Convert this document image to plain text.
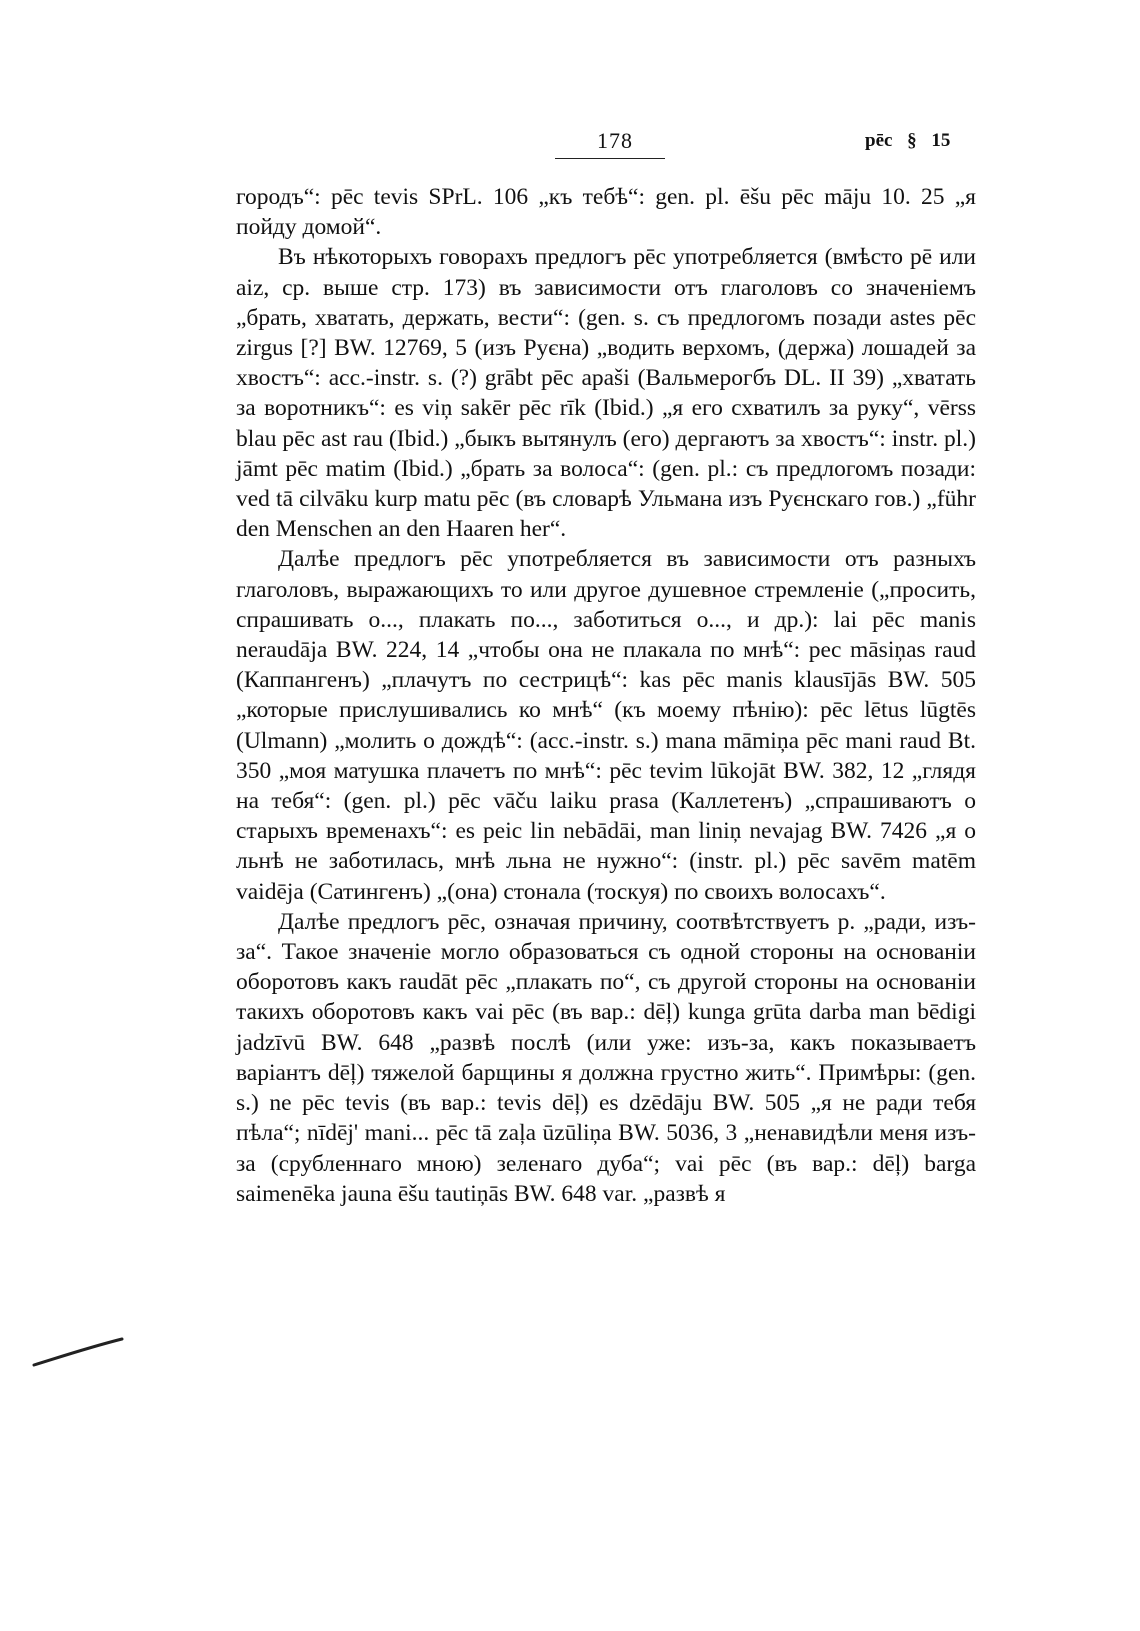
178	pēc § 15

городъ“: pēc tevis SPrL. 106 „къ тебѣ“: gen. pl. ēšu pēc māju 10. 25 „я пойду домой“.

Въ нѣкоторыхъ говорахъ предлогъ pēc употребляется (вмѣсто pē или aiz, ср. выше стр. 173) въ зависимости отъ глаголовъ со значеніемъ „брать, хватать, держать, вести“: (gen. s. съ предлогомъ позади astes pēc zirgus [?] BW. 12769, 5 (изъ Руєна) „водить верхомъ, (держа) лошадей за хвостъ“: acc.-instr. s. (?) grābt pēc apaši (Вальмерогбъ DL. II 39) „хватать за воротникъ“: es viņ sakēr pēc rīk (Ibid.) „я его схватилъ за руку“, vērss blau pēc ast rau (Ibid.) „быкъ вытянулъ (его) дергаютъ за хвостъ“: instr. pl.) jāmt pēc matim (Ibid.) „брать за волоса“: (gen. pl.: съ предлогомъ позади: ved tā cilvāku kurp matu pēc (въ словарѣ Ульмана изъ Руєнскаго гов.) „führ den Menschen an den Haaren her“.

Далѣе предлогъ pēc употребляется въ зависимости отъ разныхъ глаголовъ, выражающихъ то или другое душевное стремленіе („просить, спрашивать о..., плакать по..., заботиться о..., и др.): lai pēc manis neraudāja BW. 224, 14 „чтобы она не плакала по мнѣ“: pec māsiņas raud (Каппангенъ) „плачутъ по сестрицѣ“: kas pēc manis klausījās BW. 505 „которые прислушивались ко мнѣ“ (къ моему пѣнію): pēc lētus lūgtēs (Ulmann) „молить о дождѣ“: (acc.-instr. s.) mana māmiņa pēc mani raud Bt. 350 „моя матушка плачетъ по мнѣ“: pēc tevim lūkojāt BW. 382, 12 „глядя на тебя“: (gen. pl.) pēc vāču laiku prasa (Каллетенъ) „спрашиваютъ о старыхъ временахъ“: es peic lin nebādāi, man liniņ nevajag BW. 7426 „я о льнѣ не заботилась, мнѣ льна не нужно“: (instr. pl.) pēc savēm matēm vaidēja (Сатингенъ) „(она) стонала (тоскуя) по своихъ волосахъ“.

Далѣе предлогъ pēc, означая причину, соотвѣтствуетъ р. „ради, изъ-за“. Такое значеніе могло образоваться съ одной стороны на основаніи оборотовъ какъ raudāt pēc „плакать по“, съ другой стороны на основаніи такихъ оборотовъ какъ vai pēc (въ вар.: dēļ) kunga grūta darba man bēdigi jadzīvū BW. 648 „развѣ послѣ (или уже: изъ-за, какъ показываетъ варіантъ dēļ) тяжелой барщины я должна грустно жить“. Примѣры: (gen. s.) ne pēc tevis (въ вар.: tevis dēļ) es dzēdāju BW. 505 „я не ради тебя пѣла“; nīdēj' mani... pēc tā zaļa ūzūliņa BW. 5036, 3 „ненавидѣли меня изъ-за (срубленнаго мною) зеленаго дуба“; vai pēc (въ вар.: dēļ) barga saimenēka jauna ēšu tautiņās BW. 648 var. „развѣ я
